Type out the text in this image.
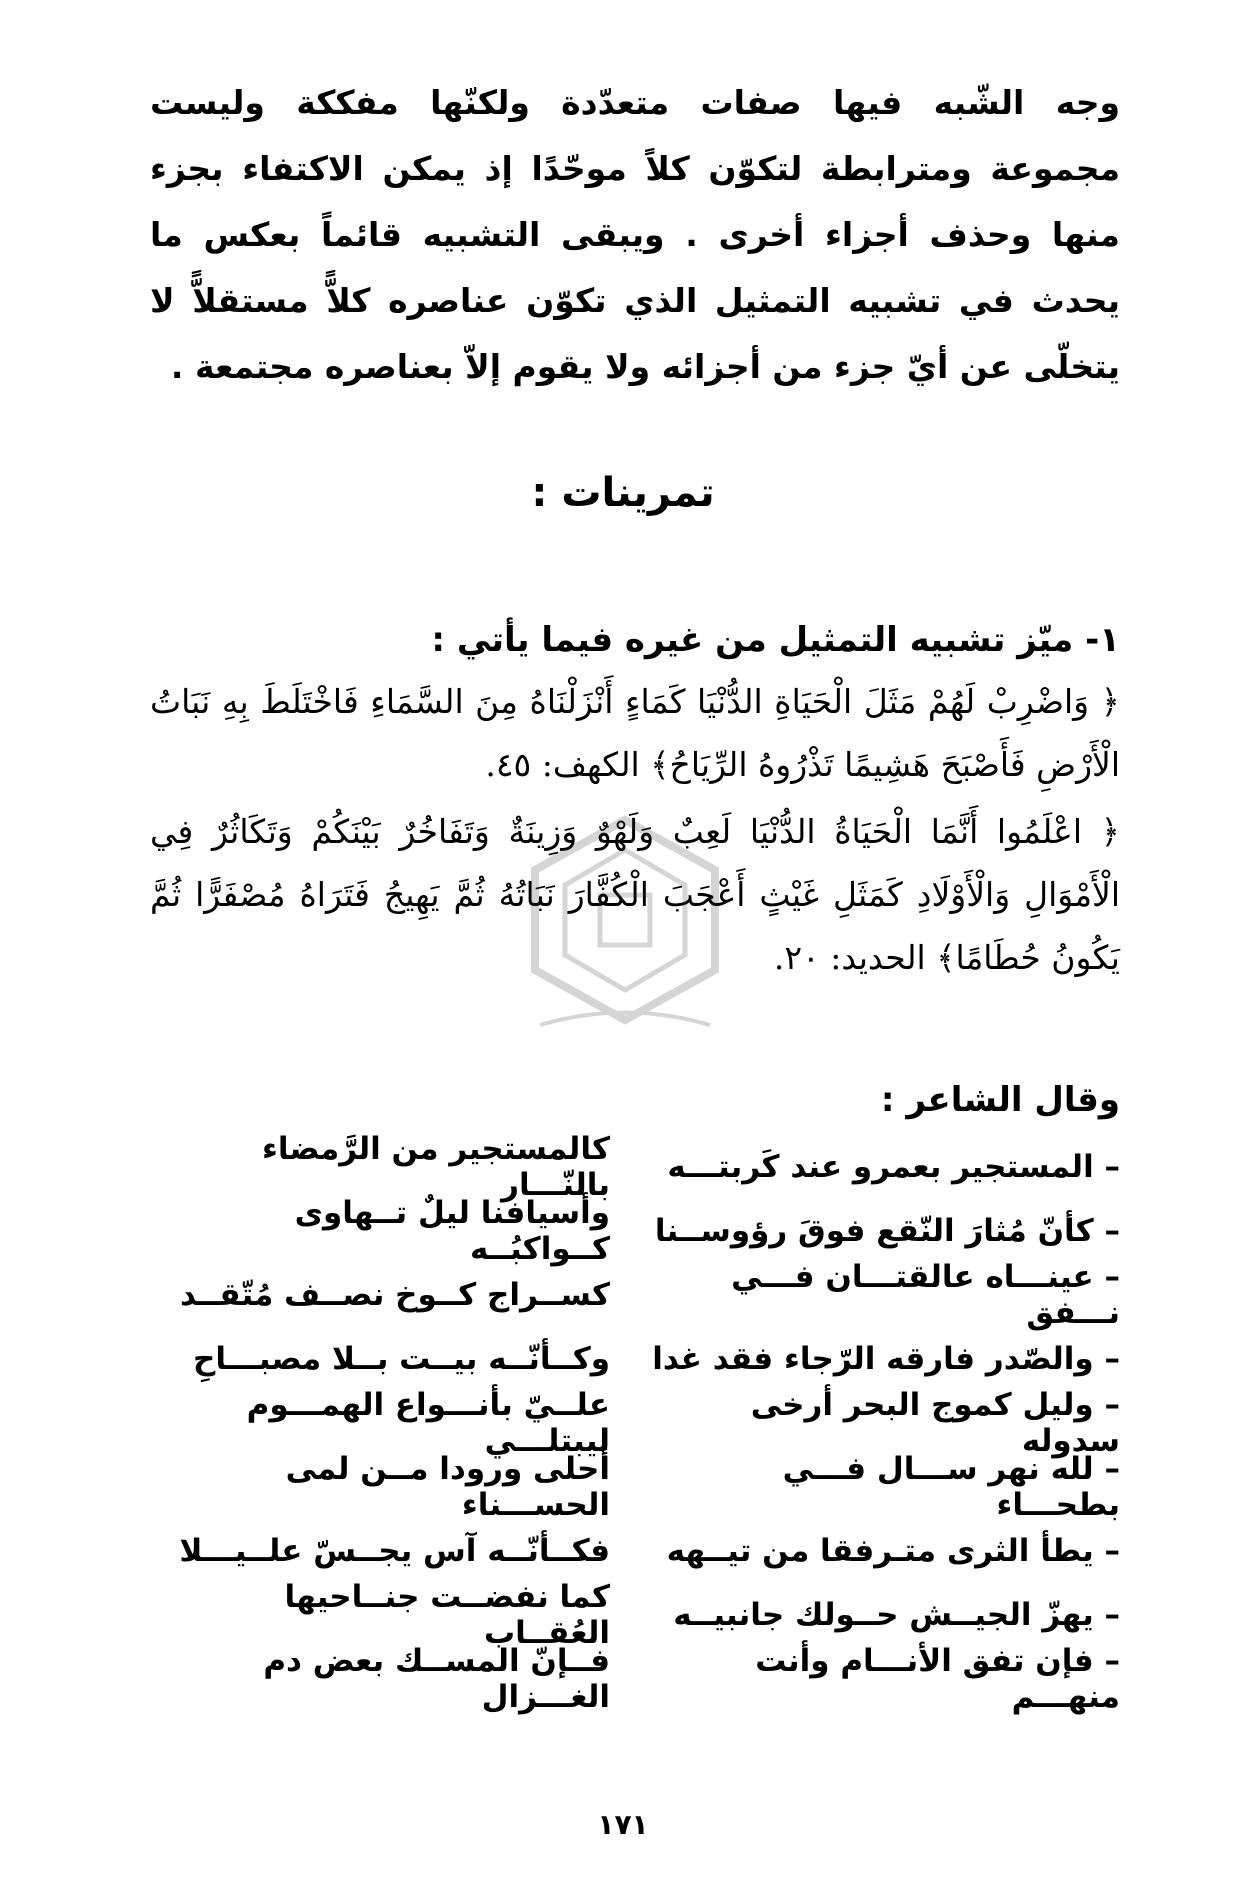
وجه الشّبه فيها صفات متعدّدة ولكنّها مفككة وليست مجموعة ومترابطة لتكوّن كلاً موحّدًا إذ يمكن الاكتفاء بجزء منها وحذف أجزاء أخرى . ويبقى التشبيه قائماً بعكس ما يحدث في تشبيه التمثيل الذي تكوّن عناصره كلاًّ مستقلاًّ لا يتخلّى عن أيّ جزء من أجزائه ولا يقوم إلاّ بعناصره مجتمعة .

تمرينات :
١- ميّز تشبيه التمثيل من غيره فيما يأتي :

﴿ وَاضْرِبْ لَهُمْ مَثَلَ الْحَيَاةِ الدُّنْيَا كَمَاءٍ أَنْزَلْنَاهُ مِنَ السَّمَاءِ فَاخْتَلَطَ بِهِ نَبَاتُ الْأَرْضِ فَأَصْبَحَ هَشِيمًا تَذْرُوهُ الرِّيَاحُ﴾ الكهف: ٤٥.

﴿ اعْلَمُوا أَنَّمَا الْحَيَاةُ الدُّنْيَا لَعِبٌ وَلَهْوٌ وَزِينَةٌ وَتَفَاخُرٌ بَيْنَكُمْ وَتَكَاثُرٌ فِي الْأَمْوَالِ وَالْأَوْلَادِ كَمَثَلِ غَيْثٍ أَعْجَبَ الْكُفَّارَ نَبَاتُهُ ثُمَّ يَهِيجُ فَتَرَاهُ مُصْفَرًّا ثُمَّ يَكُونُ حُطَامًا﴾ الحديد: ٢٠.

وقال الشاعر :
– المستجير بعمرو عند كَربتـــه
كالمستجير من الرَّمضاء بالنّـــار
– كأنّ مُثارَ النّقع فوقَ رؤوســنا
وأسيافنا ليلٌ تــهاوى كــواكبُــه
– عينـــاه عالقتـــان فـــي نـــفق
كســراج كــوخ نصــف مُتّقــد
– والصّدر فارقه الرّجاء فقد غدا
وكــأنّــه بيــت بــلا مصبـــاحِ
– وليل كموج البحر أرخى سدوله
علــيّ بأنـــواع الهمـــوم ليبتلـــي
– لله نهر ســـال فـــي بطحـــاء
أحلى ورودا مــن لمى الحســـناء
– يطأ الثرى متـرفقا من تيــهه
فكــأنّــه آس يجــسّ علــيـــلا
– يهزّ الجيــش حــولك جانبيــه
كما نفضــت جنــاحيها العُقــاب
– فإن تفق الأنـــام وأنت منهـــم
فــإنّ المســك بعض دم الغـــزال
١٧١
